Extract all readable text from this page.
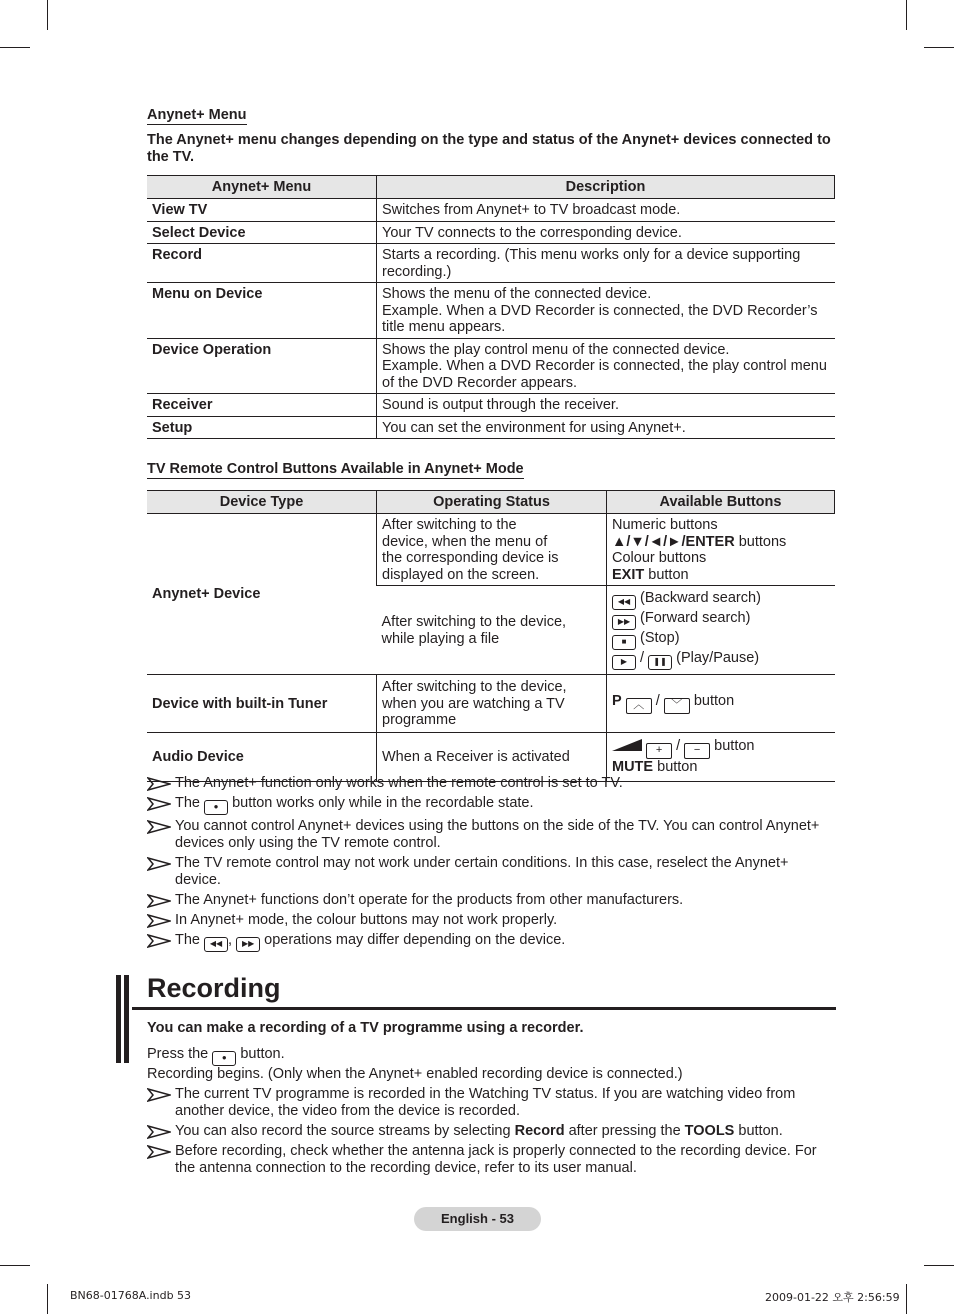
Anynet+ Menu
The Anynet+ menu changes depending on the type and status of the Anynet+ devices connected to the TV.
Anynet+ Menu	Description
View TV	Switches from Anynet+ to TV broadcast mode.

Select Device	Your TV connects to the corresponding device.

Record	Starts a recording. (This menu works only for a device supporting recording.)

Menu on Device	Shows the menu of the connected device.
Example. When a DVD Recorder is connected, the DVD Recorder’s title menu appears.

Device Operation	Shows the play control menu of the connected device.
Example. When a DVD Recorder is connected, the play control menu of the DVD Recorder appears.

Receiver	Sound is output through the receiver.

Setup	You can set the environment for using Anynet+.
TV Remote Control Buttons Available in Anynet+ Mode
Device Type	Operating Status	Available Buttons
Anynet+ Device	After switching to the device, when the menu of the corresponding device is displayed on the screen.	Numeric buttons
▲/▼/◄/►/ENTER buttons
Colour buttons
EXIT button

	After switching to the device, while playing a file	◀◀ (Backward search)
▶▶ (Forward search)
■ (Stop)
▶ / ❚❚ (Play/Pause)

Device with built-in Tuner	After switching to the device, when you are watching a TV programme	P ︿ / ﹀ button
Audio Device	When a Receiver is activated	+ / − button
MUTE button
The Anynet+ function only works when the remote control is set to TV.
The ● button works only while in the recordable state.
You cannot control Anynet+ devices using the buttons on the side of the TV. You can control Anynet+ devices only using the TV remote control.
The TV remote control may not work under certain conditions. In this case, reselect the Anynet+ device.
The Anynet+ functions don’t operate for the products from other manufacturers.
In Anynet+ mode, the colour buttons may not work properly.
The ◀◀ , ▶▶ operations may differ depending on the device.
Recording
You can make a recording of a TV programme using a recorder.
Press the ● button.
Recording begins. (Only when the Anynet+ enabled recording device is connected.)
The current TV programme is recorded in the Watching TV status. If you are watching video from another device, the video from the device is recorded.
You can also record the source streams by selecting Record after pressing the TOOLS button.
Before recording, check whether the antenna jack is properly connected to the recording device. For the antenna connection to the recording device, refer to its user manual.
English - 53
BN68-01768A.indb 53	2009-01-22 오후 2:56:59
